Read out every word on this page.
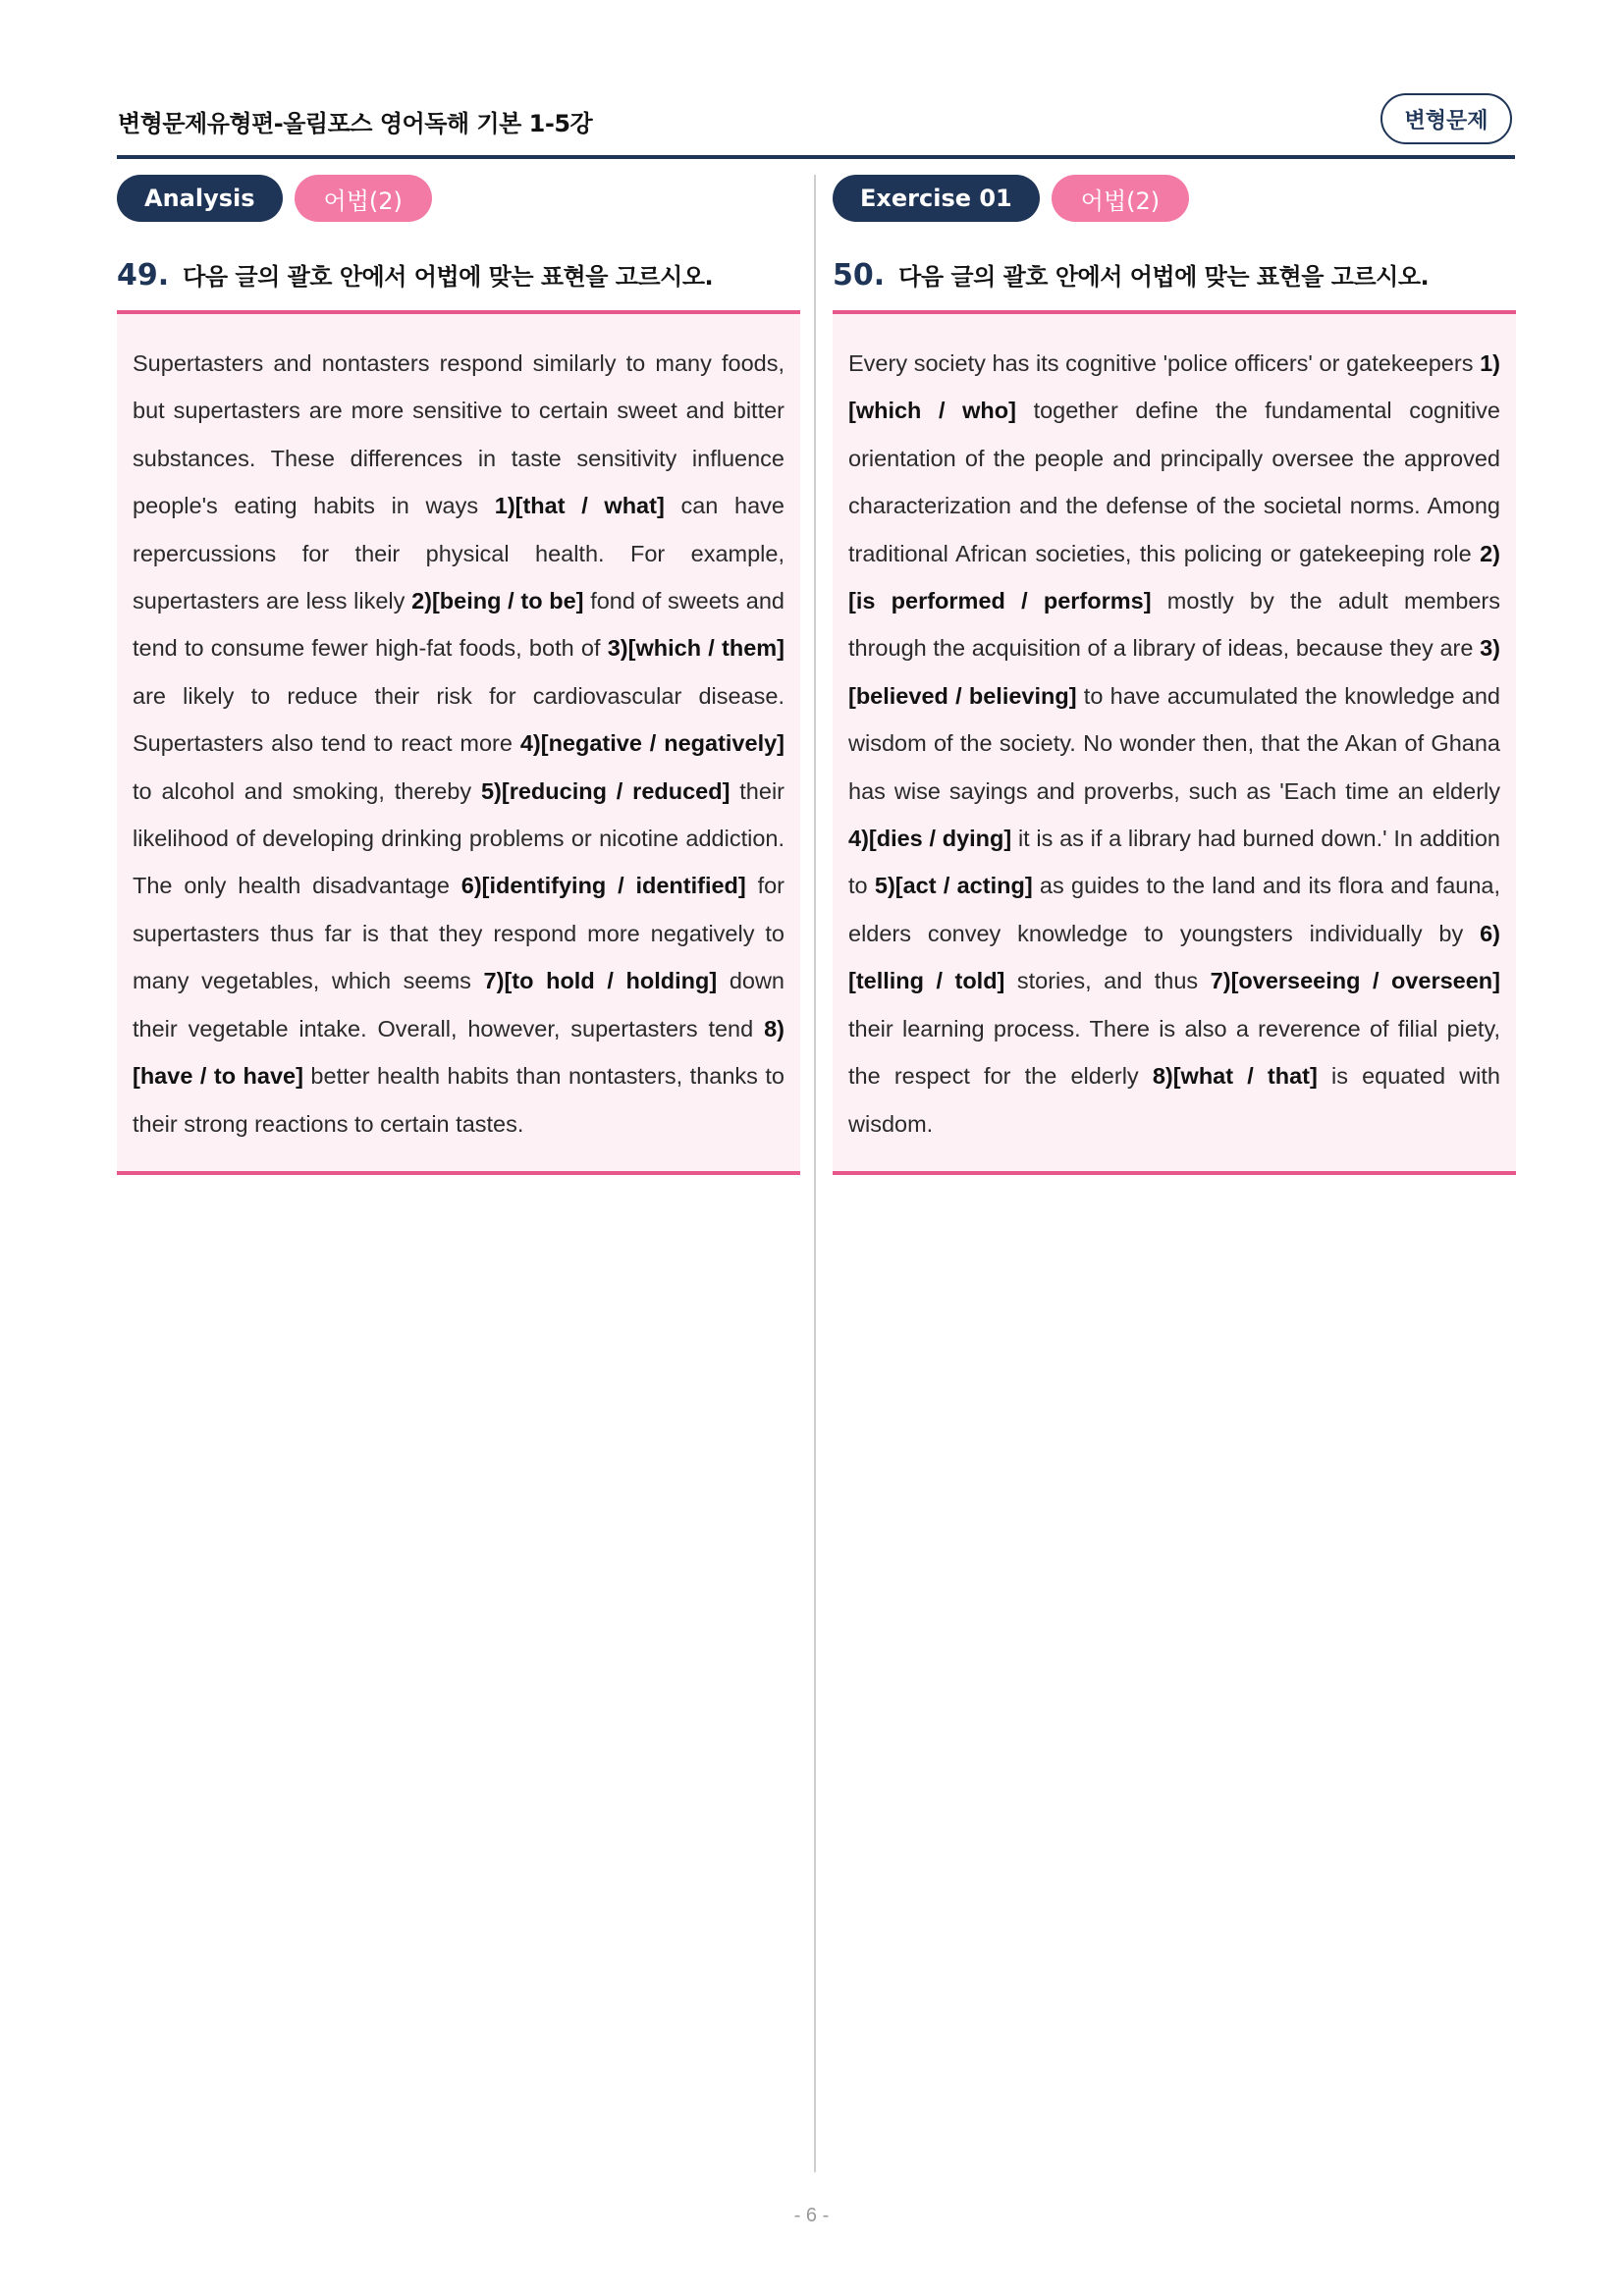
변형문제유형편-올림포스 영어독해 기본 1-5강	변형문제
Analysis	어법(2)
49. 다음 글의 괄호 안에서 어법에 맞는 표현을 고르시오.

Supertasters and nontasters respond similarly to many foods, but supertasters are more sensitive to certain sweet and bitter substances. These differences in taste sensitivity influence people's eating habits in ways 1)[that / what] can have repercussions for their physical health. For example, supertasters are less likely 2)[being / to be] fond of sweets and tend to consume fewer high-fat foods, both of 3)[which / them] are likely to reduce their risk for cardiovascular disease. Supertasters also tend to react more 4)[negative / negatively] to alcohol and smoking, thereby 5)[reducing / reduced] their likelihood of developing drinking problems or nicotine addiction. The only health disadvantage 6)[identifying / identified] for supertasters thus far is that they respond more negatively to many vegetables, which seems 7)[to hold / holding] down their vegetable intake. Overall, however, supertasters tend 8)[have / to have] better health habits than nontasters, thanks to their strong reactions to certain tastes.

Exercise 01	어법(2)
50. 다음 글의 괄호 안에서 어법에 맞는 표현을 고르시오.

Every society has its cognitive 'police officers' or gatekeepers 1)[which / who] together define the fundamental cognitive orientation of the people and principally oversee the approved characterization and the defense of the societal norms. Among traditional African societies, this policing or gatekeeping role 2)[is performed / performs] mostly by the adult members through the acquisition of a library of ideas, because they are 3)[believed / believing] to have accumulated the knowledge and wisdom of the society. No wonder then, that the Akan of Ghana has wise sayings and proverbs, such as 'Each time an elderly 4)[dies / dying] it is as if a library had burned down.' In addition to 5)[act / acting] as guides to the land and its flora and fauna, elders convey knowledge to youngsters individually by 6)[telling / told] stories, and thus 7)[overseeing / overseen] their learning process. There is also a reverence of filial piety, the respect for the elderly 8)[what / that] is equated with wisdom.

- 6 -
